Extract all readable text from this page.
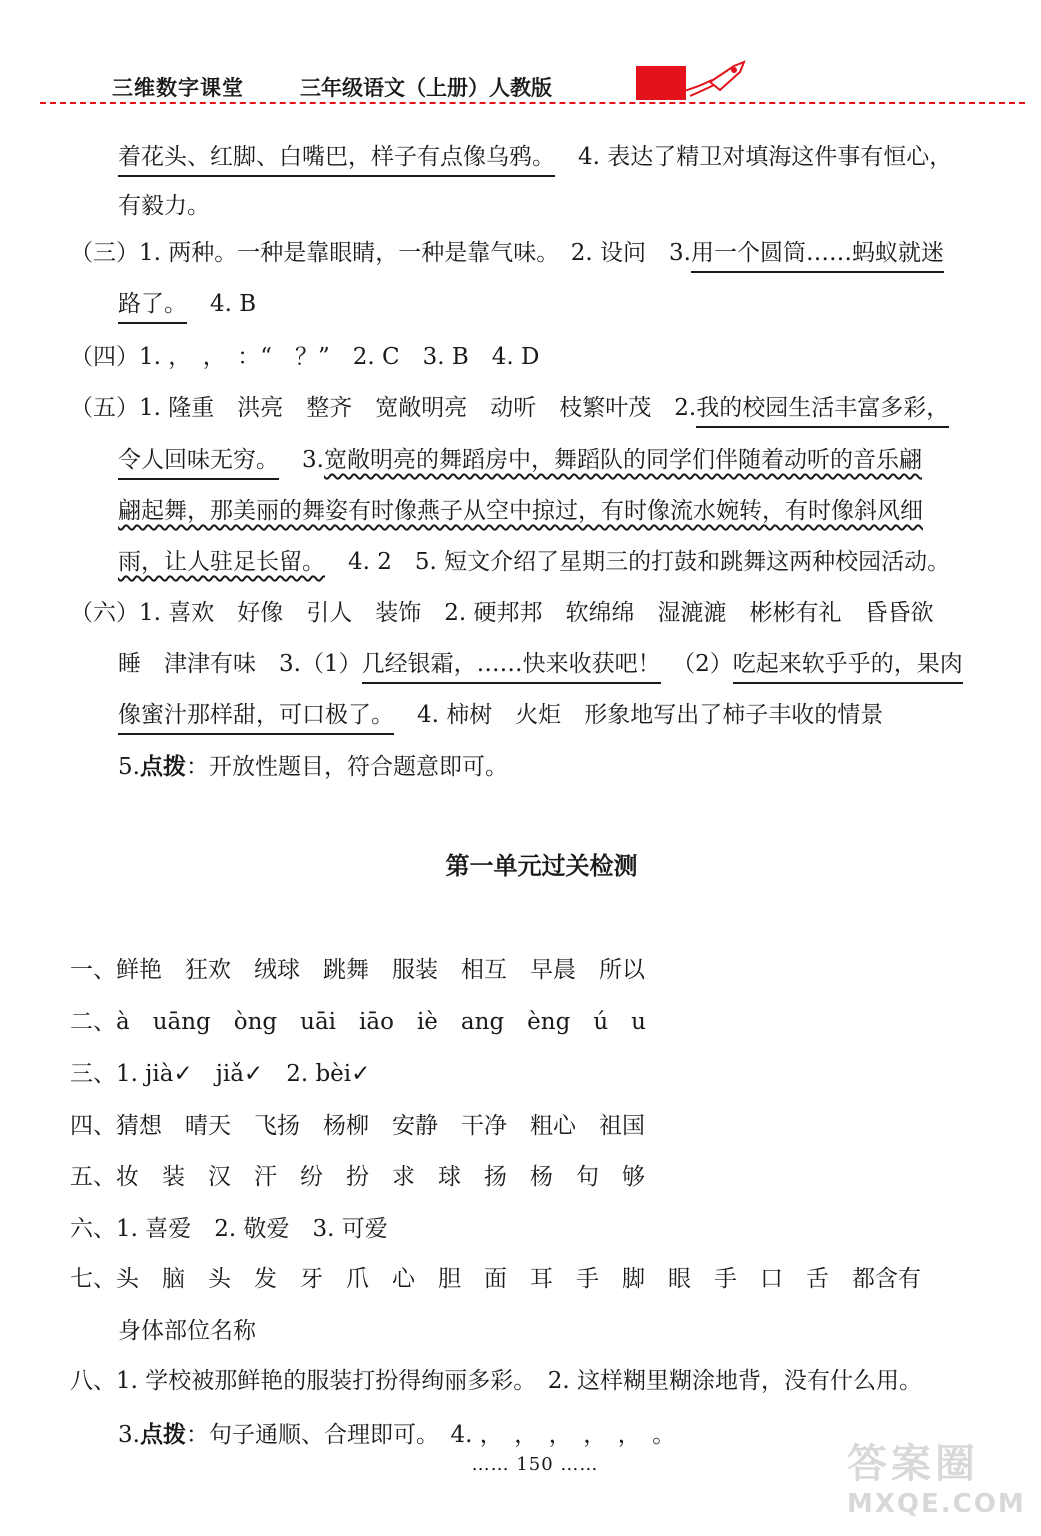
三维数字课堂	三年级语文（上册）人教版
着花头、红脚、白嘴巴，样子有点像乌鸦。　4. 表达了精卫对填海这件事有恒心，
有毅力。
（三）1. 两种。一种是靠眼睛，一种是靠气味。　2. 设问　3.用一个圆筒……蚂蚁就迷
路了。　4. B
（四）1. ，　，　：“　？”　2. C　3. B　4. D
（五）1. 隆重　洪亮　整齐　宽敞明亮　动听　枝繁叶茂　2.我的校园生活丰富多彩，
令人回味无穷。　3.宽敞明亮的舞蹈房中，舞蹈队的同学们伴随着动听的音乐翩
翩起舞，那美丽的舞姿有时像燕子从空中掠过，有时像流水婉转，有时像斜风细
雨，让人驻足长留。　4. 2　5. 短文介绍了星期三的打鼓和跳舞这两种校园活动。
（六）1. 喜欢　好像　引人　装饰　2. 硬邦邦　软绵绵　湿漉漉　彬彬有礼　昏昏欲
睡　津津有味　3.（1）几经银霜，……快来收获吧！　（2）吃起来软乎乎的，果肉
像蜜汁那样甜，可口极了。　4. 柿树　火炬　形象地写出了柿子丰收的情景
5.点拨：开放性题目，符合题意即可。
一、鲜艳　狂欢　绒球　跳舞　服装　相互　早晨　所以
二、à　uāng　òng　uāi　iāo　iè　ang　èng　ú　u
三、1. jià✓　jiǎ✓　2. bèi✓
四、猜想　晴天　飞扬　杨柳　安静　干净　粗心　祖国
五、妆　装　汉　汗　纷　扮　求　球　扬　杨　句　够
六、1. 喜爱　2. 敬爱　3. 可爱
七、头　脑　头　发　牙　爪　心　胆　面　耳　手　脚　眼　手　口　舌　都含有
身体部位名称
八、1. 学校被那鲜艳的服装打扮得绚丽多彩。　2. 这样糊里糊涂地背，没有什么用。
3.点拨：句子通顺、合理即可。　4. ，　，　，　，　，　。
第一单元过关检测
…… 150 ……	答案圈
MXQE.COM
